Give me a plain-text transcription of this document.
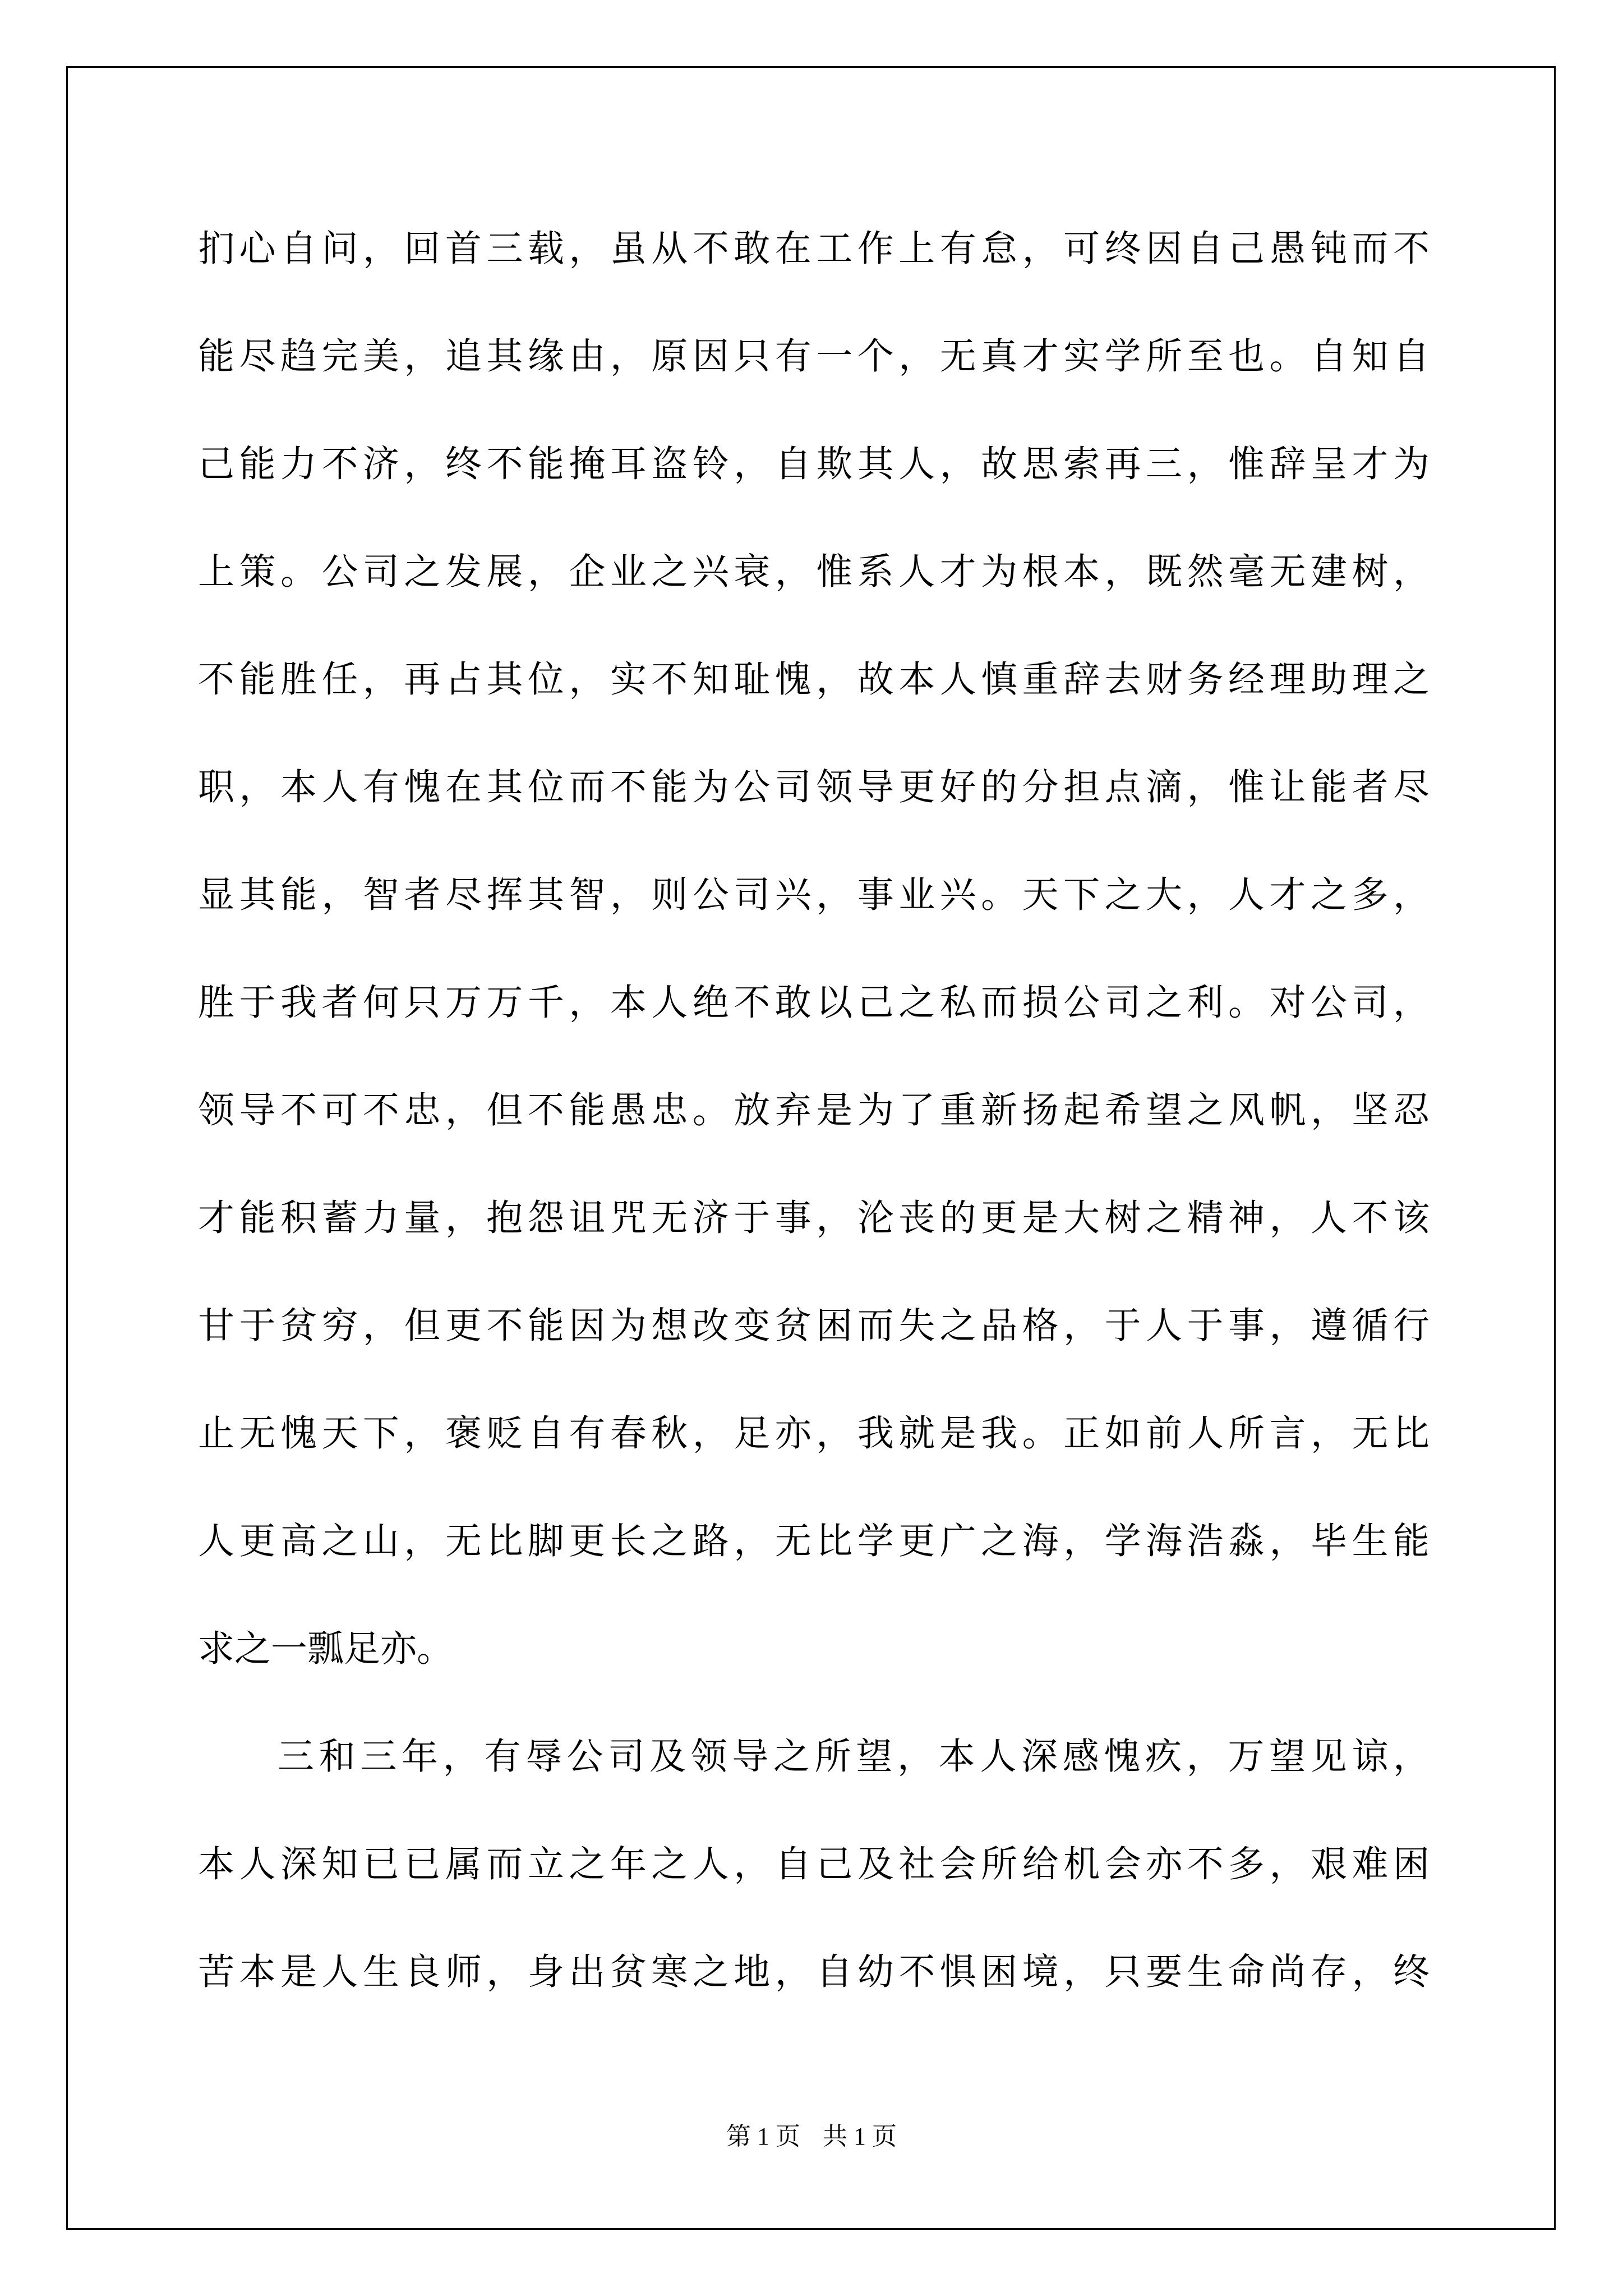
扪心自问，回首三载，虽从不敢在工作上有怠，可终因自己愚钝而不
能尽趋完美，追其缘由，原因只有一个，无真才实学所至也。自知自
己能力不济，终不能掩耳盗铃，自欺其人，故思索再三，惟辞呈才为
上策。公司之发展，企业之兴衰，惟系人才为根本，既然毫无建树，
不能胜任，再占其位，实不知耻愧，故本人慎重辞去财务经理助理之
职，本人有愧在其位而不能为公司领导更好的分担点滴，惟让能者尽
显其能，智者尽挥其智，则公司兴，事业兴。天下之大，人才之多，
胜于我者何只万万千，本人绝不敢以己之私而损公司之利。对公司，
领导不可不忠，但不能愚忠。放弃是为了重新扬起希望之风帆，坚忍
才能积蓄力量，抱怨诅咒无济于事，沦丧的更是大树之精神，人不该
甘于贫穷，但更不能因为想改变贫困而失之品格，于人于事，遵循行
止无愧天下，褒贬自有春秋，足亦，我就是我。正如前人所言，无比
人更高之山，无比脚更长之路，无比学更广之海，学海浩淼，毕生能
求之一瓢足亦。
三和三年，有辱公司及领导之所望，本人深感愧疚，万望见谅，
本人深知已已属而立之年之人，自己及社会所给机会亦不多，艰难困
苦本是人生良师，身出贫寒之地，自幼不惧困境，只要生命尚存，终
第 1 页 共 1 页
